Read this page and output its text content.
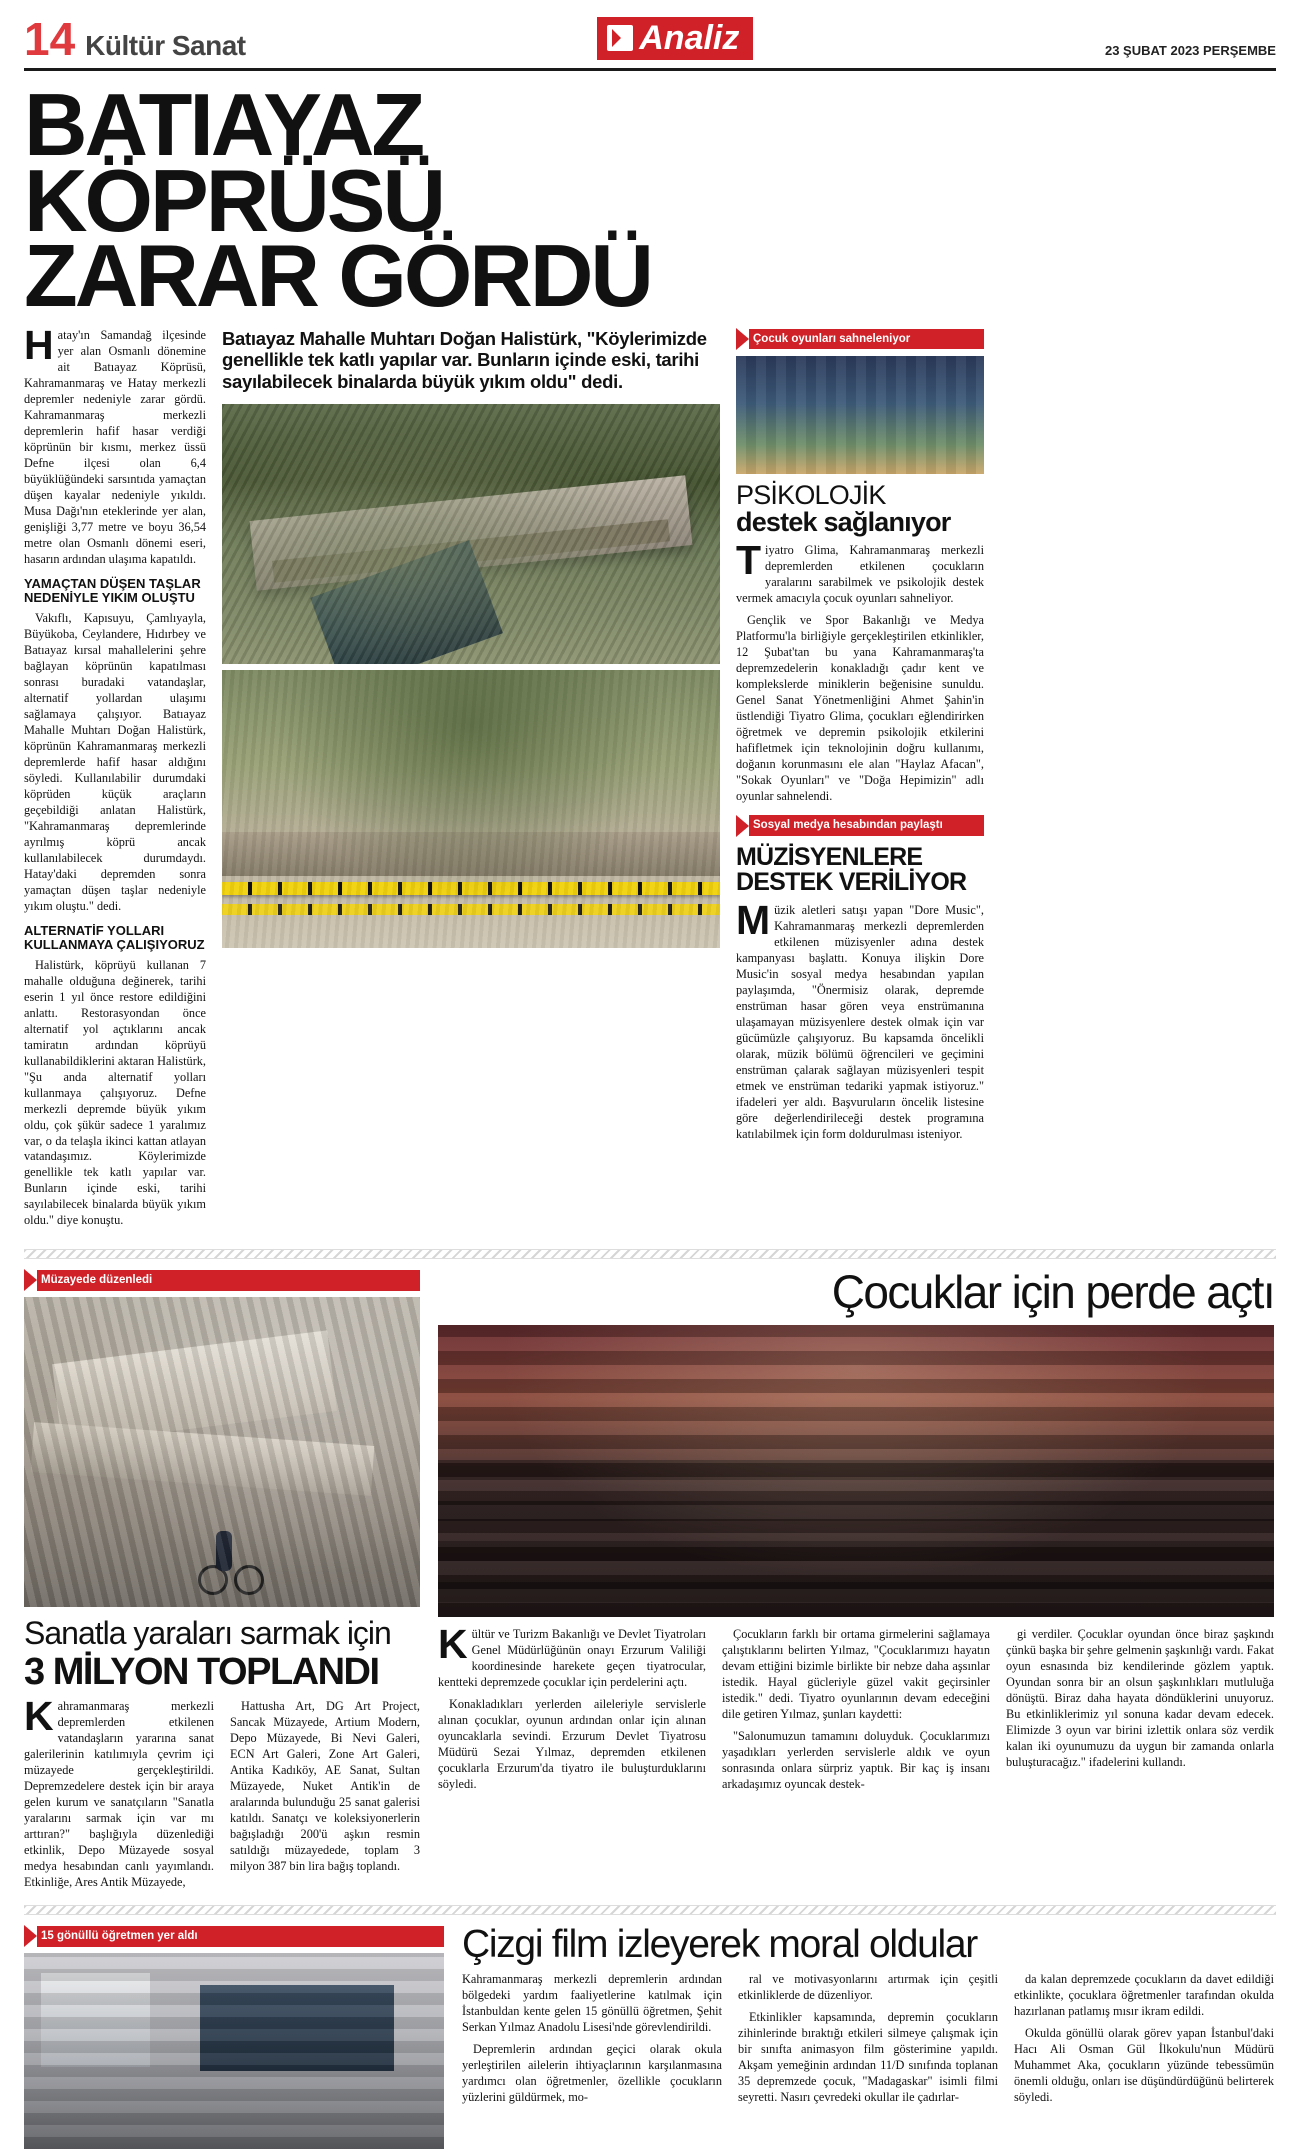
14 Kültür Sanat
BAĞIMSIZ POLİTİKA KÜLTÜR
Analiz	23 ŞUBAT 2023 PERŞEMBE
BATIAYAZ KÖPRÜSÜ
ZARAR GÖRDÜ

Hatay'ın Samandağ ilçesinde yer alan Osmanlı dönemine ait Batıayaz Köprüsü, Kahramanmaraş ve Hatay merkezli depremler nedeniyle zarar gördü. Kahramanmaraş merkezli depremlerin hafif hasar verdiği köprünün bir kısmı, merkez üssü Defne ilçesi olan 6,4 büyüklüğündeki sarsıntıda yamaçtan düşen kayalar nedeniyle yıkıldı. Musa Dağı'nın eteklerinde yer alan, genişliği 3,77 metre ve boyu 36,54 metre olan Osmanlı dönemi eseri, hasarın ardından ulaşıma kapatıldı.

YAMAÇTAN DÜŞEN TAŞLAR NEDENİYLE YIKIM OLUŞTU

Vakıflı, Kapısuyu, Çamlıyayla, Büyükoba, Ceylandere, Hıdırbey ve Batıayaz kırsal mahallelerini şehre bağlayan köprünün kapatılması sonrası buradaki vatandaşlar, alternatif yollardan ulaşımı sağlamaya çalışıyor. Batıayaz Mahalle Muhtarı Doğan Halistürk, köprünün Kahramanmaraş merkezli depremlerde hafif hasar aldığını söyledi. Kullanılabilir durumdaki köprüden küçük araçların geçebildiği anlatan Halistürk, "Kahramanmaraş depremlerinde ayrılmış köprü ancak kullanılabilecek durumdaydı. Hatay'daki depremden sonra yamaçtan düşen taşlar nedeniyle yıkım oluştu." dedi.

ALTERNATİF YOLLARI KULLANMAYA ÇALIŞIYORUZ

Halistürk, köprüyü kullanan 7 mahalle olduğuna değinerek, tarihi eserin 1 yıl önce restore edildiğini anlattı. Restorasyondan önce alternatif yol açtıklarını ancak tamiratın ardından köprüyü kullanabildiklerini aktaran Halistürk, "Şu anda alternatif yolları kullanmaya çalışıyoruz. Defne merkezli depremde büyük yıkım oldu, çok şükür sadece 1 yaralımız var, o da telaşla ikinci kattan atlayan vatandaşımız. Köylerimizde genellikle tek katlı yapılar var. Bunların içinde eski, tarihi sayılabilecek binalarda büyük yıkım oldu." diye konuştu.

Batıayaz Mahalle Muhtarı Doğan Halistürk, "Köylerimizde genellikle tek katlı yapılar var. Bunların içinde eski, tarihi sayılabilecek binalarda büyük yıkım oldu" dedi.
Çocuk oyunları sahneleniyor
PSİKOLOJİK
destek sağlanıyor

Tiyatro Glima, Kahramanmaraş merkezli depremlerden etkilenen çocukların yaralarını sarabilmek ve psikolojik destek vermek amacıyla çocuk oyunları sahneliyor.

Gençlik ve Spor Bakanlığı ve Medya Platformu'la birliğiyle gerçekleştirilen etkinlikler, 12 Şubat'tan bu yana Kahramanmaraş'ta depremzedelerin konakladığı çadır kent ve komplekslerde miniklerin beğenisine sunuldu. Genel Sanat Yönetmenliğini Ahmet Şahin'in üstlendiği Tiyatro Glima, çocukları eğlendirirken öğretmek ve depremin psikolojik etkilerini hafifletmek için teknolojinin doğru kullanımı, doğanın korunmasını ele alan "Haylaz Afacan", "Sokak Oyunları" ve "Doğa Hepimizin" adlı oyunlar sahnelendi.

Sosyal medya hesabından paylaştı
MÜZİSYENLERE DESTEK VERİLİYOR

Müzik aletleri satışı yapan "Dore Music", Kahramanmaraş merkezli depremlerden etkilenen müzisyenler adına destek kampanyası başlattı. Konuya ilişkin Dore Music'in sosyal medya hesabından yapılan paylaşımda, "Önermisiz olarak, depremde enstrüman hasar gören veya enstrümanına ulaşamayan müzisyenlere destek olmak için var gücümüzle çalışıyoruz. Bu kapsamda öncelikli olarak, müzik bölümü öğrencileri ve geçimini enstrüman çalarak sağlayan müzisyenleri tespit etmek ve enstrüman tedariki yapmak istiyoruz." ifadeleri yer aldı. Başvuruların öncelik listesine göre değerlendirileceği destek programına katılabilmek için form doldurulması isteniyor.

Müzayede düzenledi
Sanatla yaraları sarmak için
3 MİLYON TOPLANDI

Kahramanmaraş merkezli depremlerden etkilenen vatandaşların yararına sanat galerilerinin katılımıyla çevrim içi müzayede gerçekleştirildi. Depremzedelere destek için bir araya gelen kurum ve sanatçıların "Sanatla yaralarını sarmak için var mı arttıran?" başlığıyla düzenlediği etkinlik, Depo Müzayede sosyal medya hesabından canlı yayımlandı. Etkinliğe, Ares Antik Müzayede,

Hattusha Art, DG Art Project, Sancak Müzayede, Artium Modern, Depo Müzayede, Bi Nevi Galeri, ECN Art Galeri, Zone Art Galeri, Antika Kadıköy, AE Sanat, Sultan Müzayede, Nuket Antik'in de aralarında bulunduğu 25 sanat galerisi katıldı. Sanatçı ve koleksiyonerlerin bağışladığı 200'ü aşkın resmin satıldığı müzayedede, toplam 3 milyon 387 bin lira bağış toplandı.

Çocuklar için perde açtı

Kültür ve Turizm Bakanlığı ve Devlet Tiyatroları Genel Müdürlüğünün onayı Erzurum Valiliği koordinesinde harekete geçen tiyatrocular, kentteki depremzede çocuklar için perdelerini açtı.

Konakladıkları yerlerden aileleriyle servislerle alınan çocuklar, oyunun ardından onlar için alınan oyuncaklarla sevindi. Erzurum Devlet Tiyatrosu Müdürü Sezai Yılmaz, depremden etkilenen çocuklarla Erzurum'da tiyatro ile buluşturduklarını söyledi.

Çocukların farklı bir ortama girmelerini sağlamaya çalıştıklarını belirten Yılmaz, "Çocuklarımızı hayatın devam ettiğini bizimle birlikte bir nebze daha aşsınlar istedik. Hayal gücleriyle güzel vakit geçirsinler istedik." dedi. Tiyatro oyunlarının devam edeceğini dile getiren Yılmaz, şunları kaydetti:

"Salonumuzun tamamını doluyduk. Çocuklarımızı yaşadıkları yerlerden servislerle aldık ve oyun sonrasında onlara sürpriz yaptık. Bir kaç iş insanı arkadaşımız oyuncak destek-

gi verdiler. Çocuklar oyundan önce biraz şaşkındı çünkü başka bir şehre gelmenin şaşkınlığı vardı. Fakat oyun esnasında biz kendilerinde gözlem yaptık. Oyundan sonra bir an olsun şaşkınlıkları mutluluğa dönüştü. Biraz daha hayata döndüklerini unuyoruz. Bu etkinliklerimiz yıl sonuna kadar devam edecek. Elimizde 3 oyun var birini izlettik onlara söz verdik kalan iki oyunumuzu da uygun bir zamanda onlarla buluşturacağız." ifadelerini kullandı.

15 gönüllü öğretmen yer aldı	Çizgi film izleyerek moral oldular

Kahramanmaraş merkezli depremlerin ardından bölgedeki yardım faaliyetlerine katılmak için İstanbuldan kente gelen 15 gönüllü öğretmen, Şehit Serkan Yılmaz Anadolu Lisesi'nde görevlendirildi.

Depremlerin ardından geçici olarak okula yerleştirilen ailelerin ihtiyaçlarının karşılanmasına yardımcı olan öğretmenler, özellikle çocukların yüzlerini güldürmek, mo-

ral ve motivasyonlarını artırmak için çeşitli etkinliklerde de düzenliyor.

Etkinlikler kapsamında, depremin çocukların zihinlerinde bıraktığı etkileri silmeye çalışmak için bir sınıfta animasyon film gösterimine yapıldı. Akşam yemeğinin ardından 11/D sınıfında toplanan 35 depremzede çocuk, "Madagaskar" isimli filmi seyretti. Nasırı çevredeki okullar ile çadırlar-

da kalan depremzede çocukların da davet edildiği etkinlikte, çocuklara öğretmenler tarafından okulda hazırlanan patlamış mısır ikram edildi.

Okulda gönüllü olarak görev yapan İstanbul'daki Hacı Ali Osman Gül İlkokulu'nun Müdürü Muhammet Aka, çocukların yüzünde tebessümün önemli olduğu, onları ise düşündürdüğünü belirterek söyledi.
